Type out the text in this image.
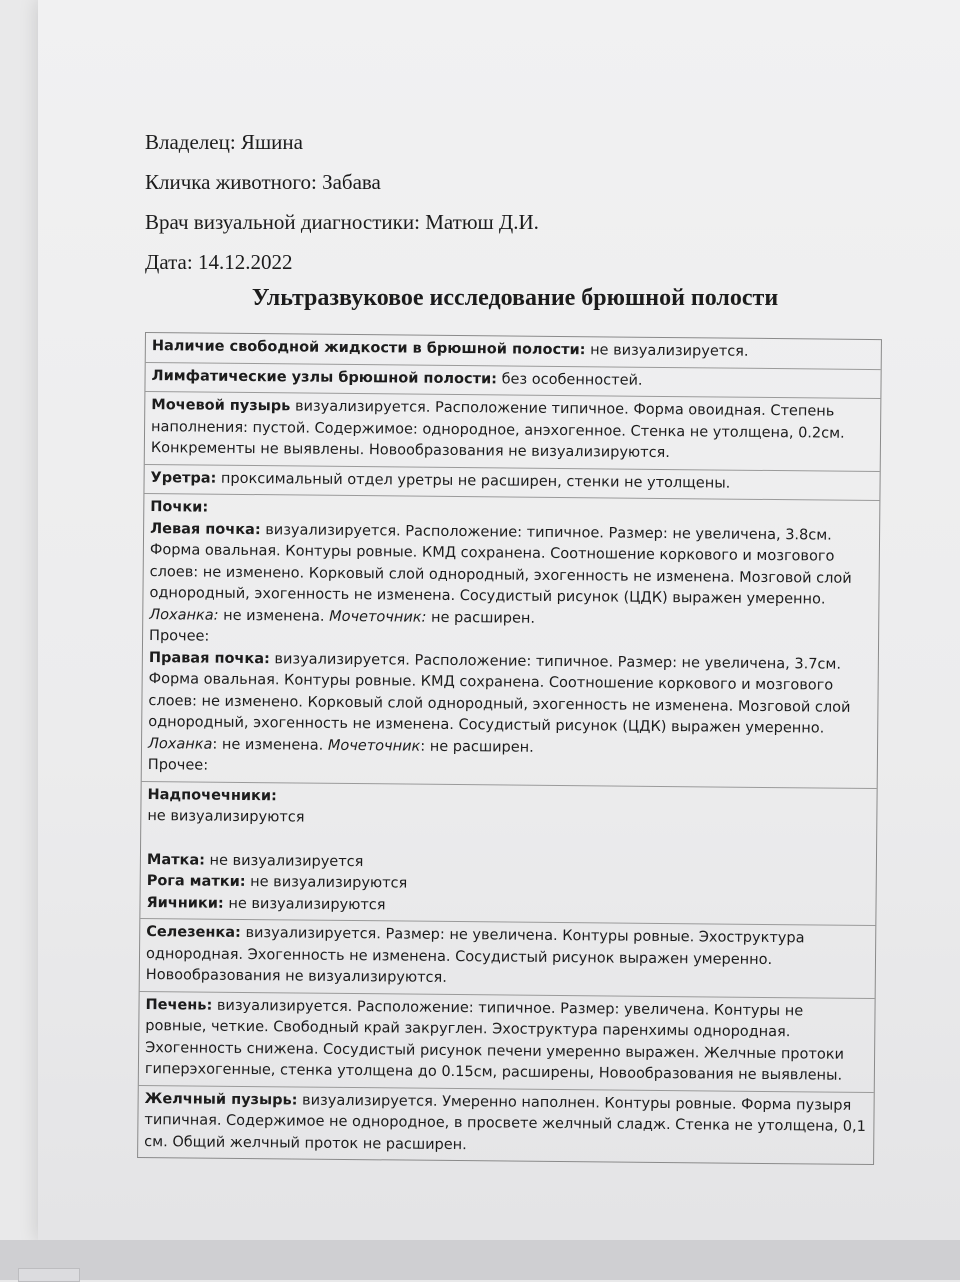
Владелец: Яшина
Кличка животного: Забава
Врач визуальной диагностики: Матюш Д.И.
Дата: 14.12.2022
Ультразвуковое исследование брюшной полости
Наличие свободной жидкости в брюшной полости: не визуализируется.
Лимфатические узлы брюшной полости: без особенностей.
Мочевой пузырь визуализируется. Расположение типичное. Форма овоидная. Степень наполнения: пустой. Содержимое: однородное, анэхогенное. Стенка не утолщена, 0.2см. Конкременты не выявлены. Новообразования не визуализируются.
Уретра: проксимальный отдел уретры не расширен, стенки не утолщены.
Почки:
Левая почка: визуализируется. Расположение: типичное. Размер: не увеличена, 3.8см. Форма овальная. Контуры ровные. КМД сохранена. Соотношение коркового и мозгового слоев: не изменено. Корковый слой однородный, эхогенность не изменена. Мозговой слой однородный, эхогенность не изменена. Сосудистый рисунок (ЦДК) выражен умеренно. Лоханка: не изменена. Мочеточник: не расширен.
Прочее:
Правая почка: визуализируется. Расположение: типичное. Размер: не увеличена, 3.7см. Форма овальная. Контуры ровные. КМД сохранена. Соотношение коркового и мозгового слоев: не изменено. Корковый слой однородный, эхогенность не изменена. Мозговой слой однородный, эхогенность не изменена. Сосудистый рисунок (ЦДК) выражен умеренно. Лоханка: не изменена. Мочеточник: не расширен.
Прочее:
Надпочечники:
не визуализируются
Матка: не визуализируется
Рога матки: не визуализируются
Яичники: не визуализируются
Селезенка: визуализируется. Размер: не увеличена. Контуры ровные. Эхоструктура однородная. Эхогенность не изменена. Сосудистый рисунок выражен умеренно. Новообразования не визуализируются.
Печень: визуализируется. Расположение: типичное. Размер: увеличена. Контуры не ровные, четкие. Свободный край закруглен. Эхоструктура паренхимы однородная. Эхогенность снижена. Сосудистый рисунок печени умеренно выражен. Желчные протоки гиперэхогенные, стенка утолщена до 0.15см, расширены, Новообразования не выявлены.
Желчный пузырь: визуализируется. Умеренно наполнен. Контуры ровные. Форма пузыря типичная. Содержимое не однородное, в просвете желчный сладж. Стенка не утолщена, 0,1 см. Общий желчный проток не расширен.
